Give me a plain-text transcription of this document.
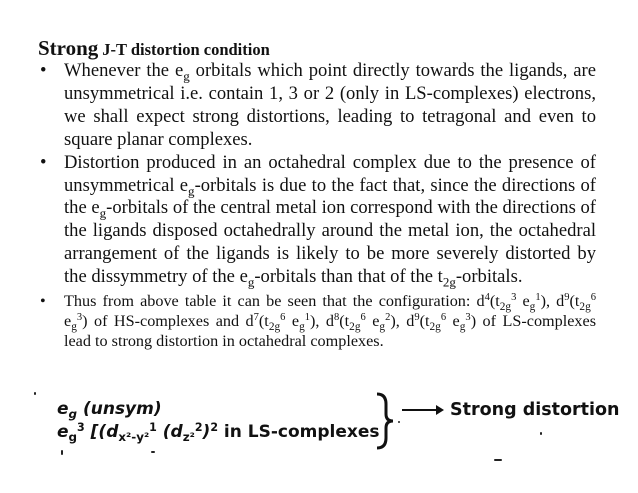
Strong J-T distortion condition
• Whenever the $e_g$ orbitals which point directly towards the ligands, are unsymmetrical i.e. contain 1, 3 or 2 (only in LS-complexes) electrons, we shall expect strong distortions, leading to tetragonal and even to square planar complexes.
• Distortion produced in an octahedral complex due to the presence of unsymmetrical $e_g$-orbitals is due to the fact that, since the directions of the $e_g$-orbitals of the central metal ion correspond with the directions of the ligands disposed octahedrally around the metal ion, the octahedral arrangement of the ligands is likely to be more severely distorted by the dissymmetry of the $e_g$-orbitals than that of the $t_{2g}$-orbitals.
• Thus from above table it can be seen that the configuration: $d^4(t_{2g}^3$ $e_g^1$), $d^9(t_{2g}^6$ $e_g^3$) of HS-complexes and $d^7(t_{2g}^6$ $e_g^1$), $d^8(t_{2g}^6$ $e_g^2$), $d^9(t_{2g}^6$ $e_g^3$) of LS-complexes lead to strong distortion in octahedral complexes.
$e_g$ (unsym)
$e_g^3$ [($d_{x^2-y^2}^1$ $(d_{z^2}^2)^2$ in LS-complexes
Strong distortion
